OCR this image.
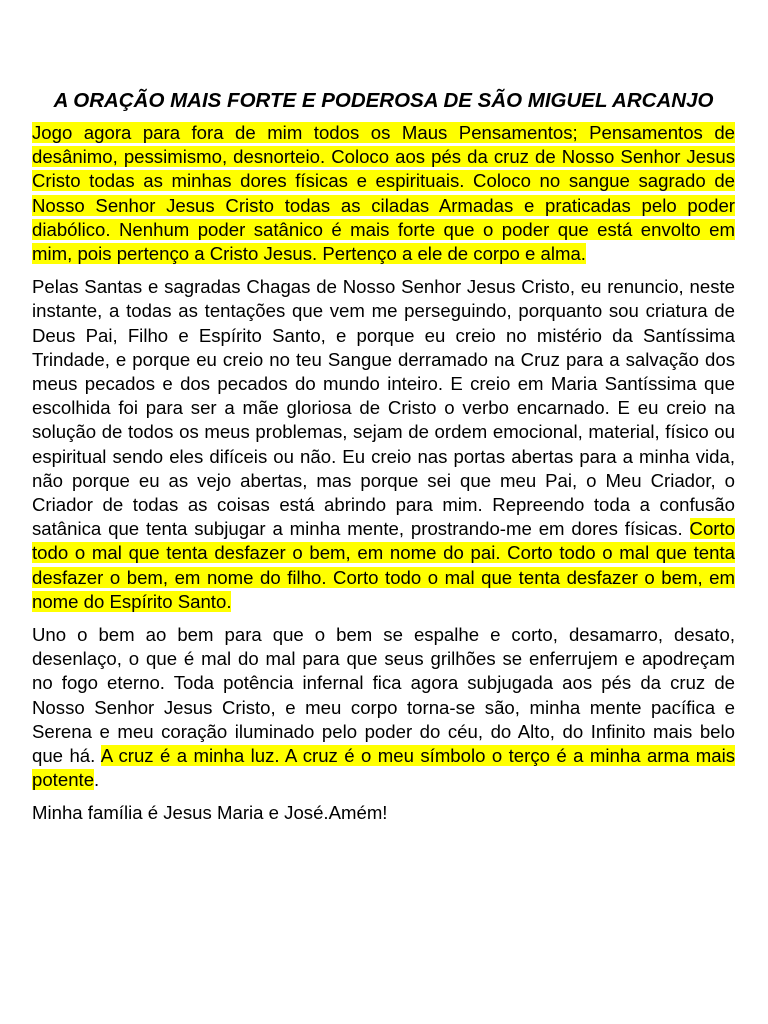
A ORAÇÃO MAIS FORTE E PODEROSA DE SÃO MIGUEL ARCANJO

Jogo agora para fora de mim todos os Maus Pensamentos; Pensamentos de desânimo, pessimismo, desnorteio. Coloco aos pés da cruz de Nosso Senhor Jesus Cristo todas as minhas dores físicas e espirituais. Coloco no sangue sagrado de Nosso Senhor Jesus Cristo todas as ciladas Armadas e praticadas pelo poder diabólico. Nenhum poder satânico é mais forte que o poder que está envolto em mim, pois pertenço a Cristo Jesus. Pertenço a ele de corpo e alma.

Pelas Santas e sagradas Chagas de Nosso Senhor Jesus Cristo, eu renuncio, neste instante, a todas as tentações que vem me perseguindo, porquanto sou criatura de Deus Pai, Filho e Espírito Santo, e porque eu creio no mistério da Santíssima Trindade, e porque eu creio no teu Sangue derramado na Cruz para a salvação dos meus pecados e dos pecados do mundo inteiro. E creio em Maria Santíssima que escolhida foi para ser a mãe gloriosa de Cristo o verbo encarnado. E eu creio na solução de todos os meus problemas, sejam de ordem emocional, material, físico ou espiritual sendo eles difíceis ou não. Eu creio nas portas abertas para a minha vida, não porque eu as vejo abertas, mas porque sei que meu Pai, o Meu Criador, o Criador de todas as coisas está abrindo para mim. Repreendo toda a confusão satânica que tenta subjugar a minha mente, prostrando-me em dores físicas. Corto todo o mal que tenta desfazer o bem, em nome do pai. Corto todo o mal que tenta desfazer o bem, em nome do filho. Corto todo o mal que tenta desfazer o bem, em nome do Espírito Santo.

Uno o bem ao bem para que o bem se espalhe e corto, desamarro, desato, desenlaço, o que é mal do mal para que seus grilhões se enferrujem e apodreçam no fogo eterno. Toda potência infernal fica agora subjugada aos pés da cruz de Nosso Senhor Jesus Cristo, e meu corpo torna-se são, minha mente pacífica e Serena e meu coração iluminado pelo poder do céu, do Alto, do Infinito mais belo que há. A cruz é a minha luz. A cruz é o meu símbolo o terço é a minha arma mais potente.

Minha família é Jesus Maria e José.Amém!
